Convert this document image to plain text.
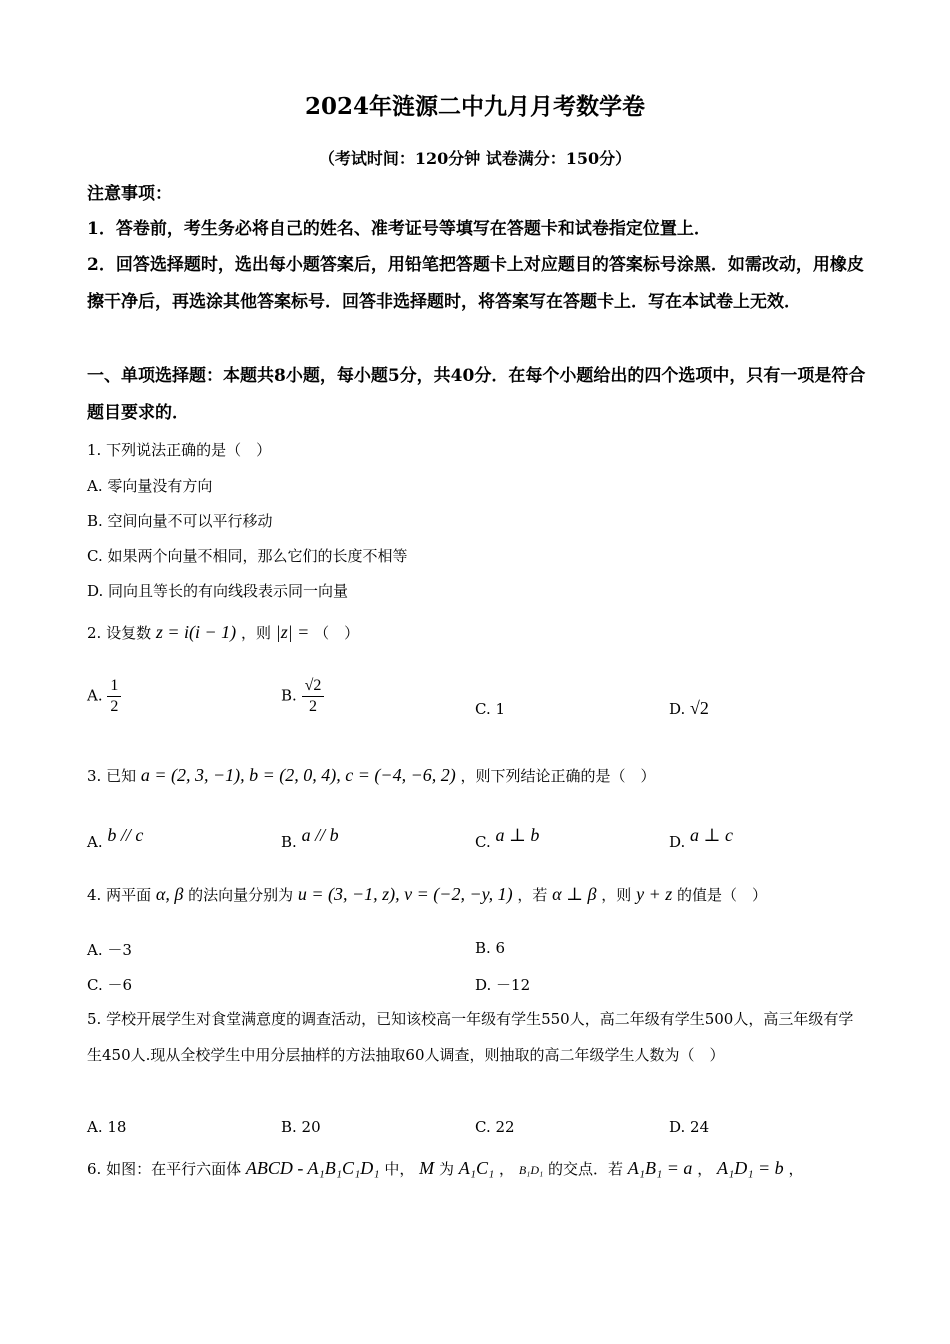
2024年涟源二中九月月考数学卷
（考试时间：120分钟 试卷满分：150分）
注意事项：
1．答卷前，考生务必将自己的姓名、准考证号等填写在答题卡和试卷指定位置上．
2．回答选择题时，选出每小题答案后，用铅笔把答题卡上对应题目的答案标号涂黑．如需改动，用橡皮擦干净后，再选涂其他答案标号．回答非选择题时，将答案写在答题卡上．写在本试卷上无效．
一、单项选择题：本题共8小题，每小题5分，共40分．在每个小题给出的四个选项中，只有一项是符合题目要求的．
1. 下列说法正确的是（　）
A. 零向量没有方向
B. 空间向量不可以平行移动
C. 如果两个向量不相同，那么它们的长度不相等
D. 同向且等长的有向线段表示同一向量
2. 设复数 z = i(i − 1) ，则 |z| = （　）
A. $\frac{1}{2}$	B. $\frac{√2}{2}$	C. 1	D. √2
3. 已知 a = (2, 3, −1), b = (2, 0, 4), c = (−4, −6, 2) ，则下列结论正确的是（　）
A. b // c	B. a // b	C. a ⊥ b	D. a ⊥ c
4. 两平面 α, β 的法向量分别为 u = (3, −1, z), v = (−2, −y, 1) ，若 α ⊥ β ，则 y + z 的值是（　）
A. －3	B. 6
C. －6	D. －12
5. 学校开展学生对食堂满意度的调查活动，已知该校高一年级有学生550人，高二年级有学生500人，高三年级有学生450人.现从全校学生中用分层抽样的方法抽取60人调查，则抽取的高二年级学生人数为（　）
A. 18	B. 20	C. 22	D. 24
6. 如图：在平行六面体 ABCD - A₁B₁C₁D₁ 中， M 为 A₁C₁ ， B₁D₁ 的交点．若 A₁B₁ = a ， A₁D₁ = b ，
